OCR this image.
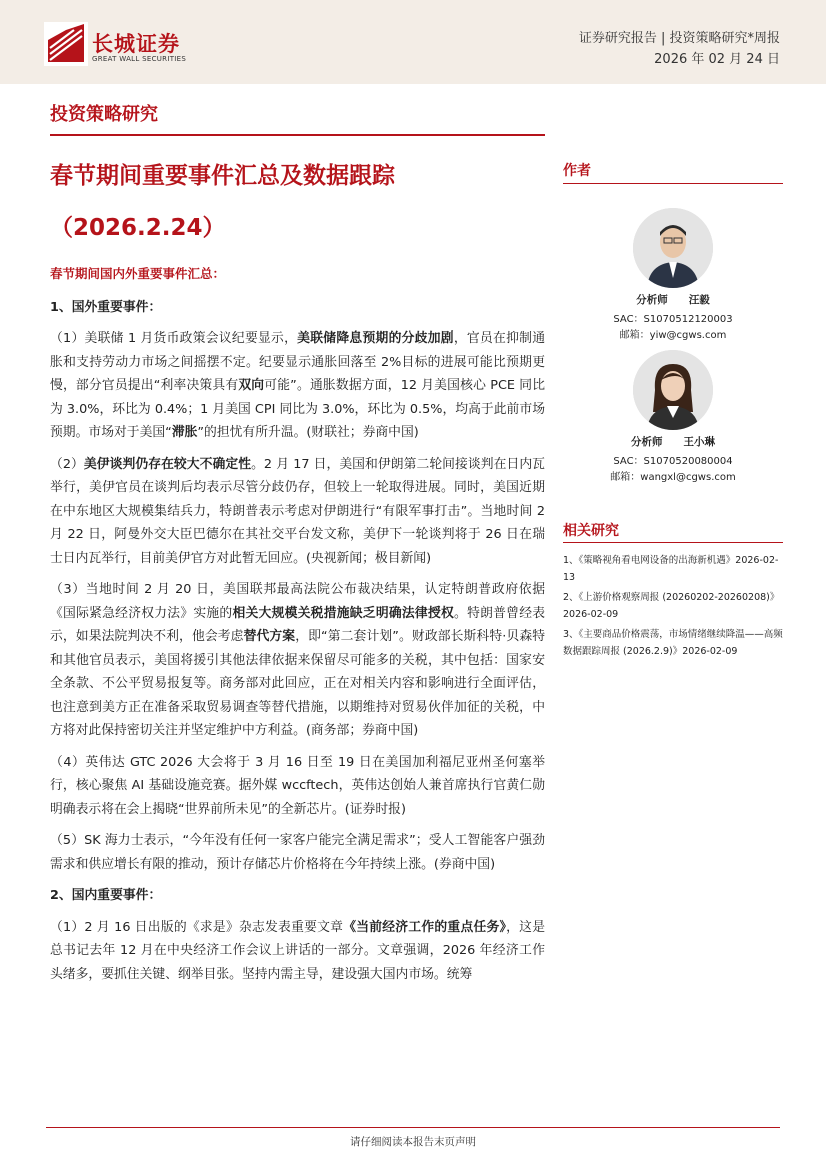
长城证券
GREAT WALL SECURITIES
证券研究报告 | 投资策略研究*周报
2026 年 02 月 24 日
投资策略研究
春节期间重要事件汇总及数据跟踪
（2026.2.24）
春节期间国内外重要事件汇总：
1、国外重要事件：

（1）美联储 1 月货币政策会议纪要显示，美联储降息预期的分歧加剧，官员在抑制通胀和支持劳动力市场之间摇摆不定。纪要显示通胀回落至 2%目标的进展可能比预期更慢，部分官员提出“利率决策具有双向可能”。通胀数据方面，12 月美国核心 PCE 同比为 3.0%，环比为 0.4%；1 月美国 CPI 同比为 3.0%，环比为 0.5%，均高于此前市场预期。市场对于美国“滞胀”的担忧有所升温。(财联社；券商中国)

（2）美伊谈判仍存在较大不确定性。2 月 17 日，美国和伊朗第二轮间接谈判在日内瓦举行，美伊官员在谈判后均表示尽管分歧仍存，但较上一轮取得进展。同时，美国近期在中东地区大规模集结兵力，特朗普表示考虑对伊朗进行“有限军事打击”。当地时间 2 月 22 日，阿曼外交大臣巴德尔在其社交平台发文称，美伊下一轮谈判将于 26 日在瑞士日内瓦举行，目前美伊官方对此暂无回应。(央视新闻；极目新闻)

（3）当地时间 2 月 20 日，美国联邦最高法院公布裁决结果，认定特朗普政府依据《国际紧急经济权力法》实施的相关大规模关税措施缺乏明确法律授权。特朗普曾经表示，如果法院判决不利，他会考虑替代方案，即“第二套计划”。财政部长斯科特·贝森特和其他官员表示，美国将援引其他法律依据来保留尽可能多的关税，其中包括：国家安全条款、不公平贸易报复等。商务部对此回应，正在对相关内容和影响进行全面评估，也注意到美方正在准备采取贸易调查等替代措施，以期维持对贸易伙伴加征的关税，中方将对此保持密切关注并坚定维护中方利益。(商务部；券商中国)

（4）英伟达 GTC 2026 大会将于 3 月 16 日至 19 日在美国加利福尼亚州圣何塞举行，核心聚焦 AI 基础设施竞赛。据外媒 wccftech，英伟达创始人兼首席执行官黄仁勋明确表示将在会上揭晓“世界前所未见”的全新芯片。(证券时报)

（5）SK 海力士表示，“今年没有任何一家客户能完全满足需求”；受人工智能客户强劲需求和供应增长有限的推动，预计存储芯片价格将在今年持续上涨。(券商中国)

2、国内重要事件：

（1）2 月 16 日出版的《求是》杂志发表重要文章《当前经济工作的重点任务》，这是总书记去年 12 月在中央经济工作会议上讲话的一部分。文章强调，2026 年经济工作头绪多，要抓住关键、纲举目张。坚持内需主导，建设强大国内市场。统筹

作者
分析师　　汪毅
SAC：S1070512120003
邮箱：yiw@cgws.com
分析师　　王小琳
SAC：S1070520080004
邮箱：wangxl@cgws.com
相关研究
1、《策略视角看电网设备的出海新机遇》2026-02-13
2、《上游价格观察周报 (20260202-20260208)》2026-02-09
3、《主要商品价格震荡，市场情绪继续降温——高频数据跟踪周报 (2026.2.9)》2026-02-09
请仔细阅读本报告末页声明
